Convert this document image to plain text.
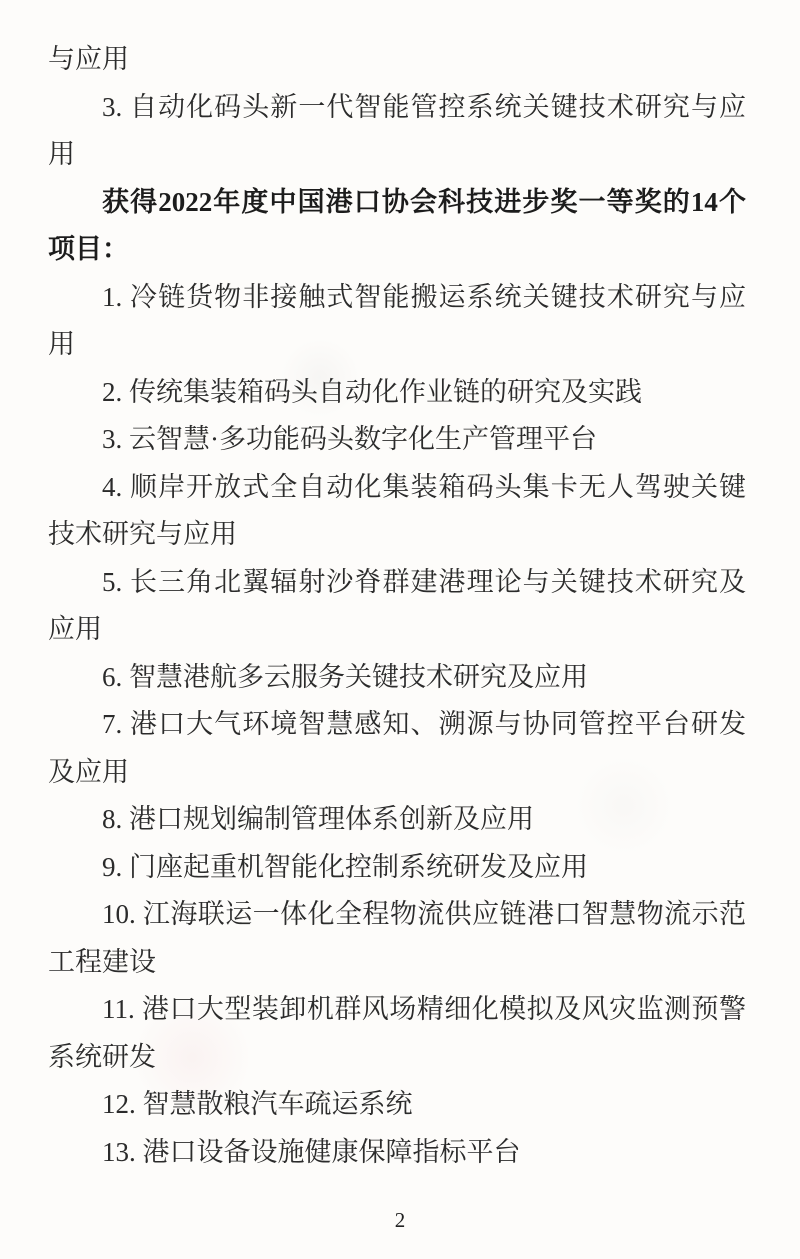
与应用

3. 自动化码头新一代智能管控系统关键技术研究与应用

获得2022年度中国港口协会科技进步奖一等奖的14个项目：

1. 冷链货物非接触式智能搬运系统关键技术研究与应用

2. 传统集装箱码头自动化作业链的研究及实践

3. 云智慧·多功能码头数字化生产管理平台

4. 顺岸开放式全自动化集装箱码头集卡无人驾驶关键技术研究与应用

5. 长三角北翼辐射沙脊群建港理论与关键技术研究及应用

6. 智慧港航多云服务关键技术研究及应用

7. 港口大气环境智慧感知、溯源与协同管控平台研发及应用

8. 港口规划编制管理体系创新及应用

9. 门座起重机智能化控制系统研发及应用

10. 江海联运一体化全程物流供应链港口智慧物流示范工程建设

11. 港口大型装卸机群风场精细化模拟及风灾监测预警系统研发

12. 智慧散粮汽车疏运系统

13. 港口设备设施健康保障指标平台

2
